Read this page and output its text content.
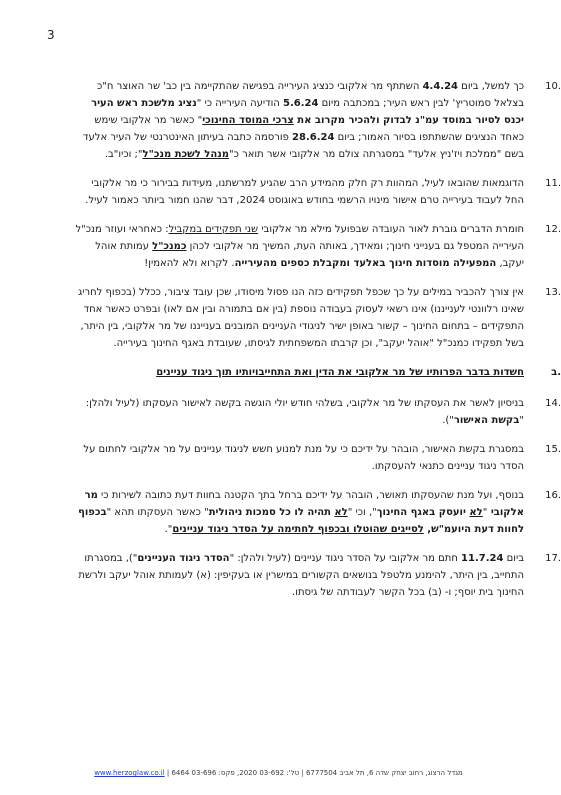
3
10.
כך למשל, ביום 4.4.24 השתתף מר אלקובי כנציג העירייה בפגישה שהתקיימה בין כב' שר האוצר ח"כ בצלאל סמוטריץ' לבין ראש העיר; במכתבה מיום 5.6.24 הודיעה העירייה כי "נציג מלשכת ראש העיר יכנס לסיור במוסד עמ"נ לבדוק ולהכיר מקרוב את צרכי המוסד החינוכי" כאשר מר אלקובי שימש כאחד הנציגים שהשתתפו בסיור האמור; ביום 28.6.24 פורסמה כתבה בעיתון האינטרנטי של העיר אלעד בשם "ממלכת ויז'ניץ אלעד" במסגרתה צולם מר אלקובי אשר תואר כ"מנהל לשכת מנכ"ל"; וכיו"ב.
11.
הדוגמאות שהובאו לעיל, המהוות רק חלק מהמידע הרב שהגיע למרשתנו, מעידות בבירור כי מר אלקובי החל לעבוד בעירייה טרם אישור מינויו הרשמי בחודש באוגוסט 2024, דבר שהנו חמור ביותר כאמור לעיל.
12.
חומרת הדברים גוברת לאור העובדה שבפועל מילא מר אלקובי שני תפקידים במקביל: כאחראי ועוזר מנכ"ל העירייה המטפל גם בענייני חינוך; ומאידך, באותה העת, המשיך מר אלקובי לכהן כמנכ"ל עמותת אוהל יעקב, המפעילה מוסדות חינוך באלעד ומקבלת כספים מהעירייה. לקרוא ולא להאמין!
13.
אין צורך להכביר במילים על כך שכפל תפקידים כזה הנו פסול מיסודו, שכן עובד ציבור, ככלל (בכפוף לחריג שאינו רלוונטי לענייננו) אינו רשאי לעסוק בעבודה נוספת (בין אם בתמורה ובין אם לאו) ובפרט כאשר אחד התפקידים – בתחום החינוך – קשור באופן ישיר לניגודי העניינים המובנים בענייננו של מר אלקובי, בין היתר, בשל תפקידו כמנכ"ל "אוהל יעקב", וכן קרבתו המשפחתית לגיסתו, שעובדת באגף החינוך בעירייה.
ב.
חשדות בדבר הפרותיו של מר אלקובי את הדין ואת התחייבויותיו תוך ניגוד עניינים
14.
בניסיון לאשר את העסקתו של מר אלקובי, בשלהי חודש יולי הוגשה בקשה לאישור העסקתו (לעיל ולהלן: "בקשת האישור").
15.
במסגרת בקשת האישור, הובהר על ידיכם כי על מנת למנוע חשש לניגוד עניינים על מר אלקובי לחתום על הסדר ניגוד עניינים כתנאי להעסקתו.
16.
בנוסף, ועל מנת שהעסקתו תאושר, הובהר על ידיכם ברחל בתך הקטנה בחוות דעת כתובה לשירות כי מר אלקובי "לא יועסק באגף החינוך", וכי "לא תהיה לו כל סמכות ניהולית" כאשר העסקתו תהא "בכפוף לחוות דעת היועמ"ש, לסייגים שהוטלו ובכפוף לחתימה על הסדר ניגוד עניינים".
17.
ביום 11.7.24 חתם מר אלקובי על הסדר ניגוד עניינים (לעיל ולהלן: "הסדר ניגוד העניינים"), במסגרתו התחייב, בין היתר, להימנע מלטפל בנושאים הקשורים במישרין או בעקיפין: (א) לעמותת אוהל יעקב ולרשת החינוך בית יוסף; ו- (ב) בכל הקשר לעבודתה של גיסתו.
מגדל הרצוג, רחוב יצחק שדה 6, תל אביב 6777504 | טל': 03-692 2020, פקס: 03-696 6464 | www.herzoglaw.co.il
